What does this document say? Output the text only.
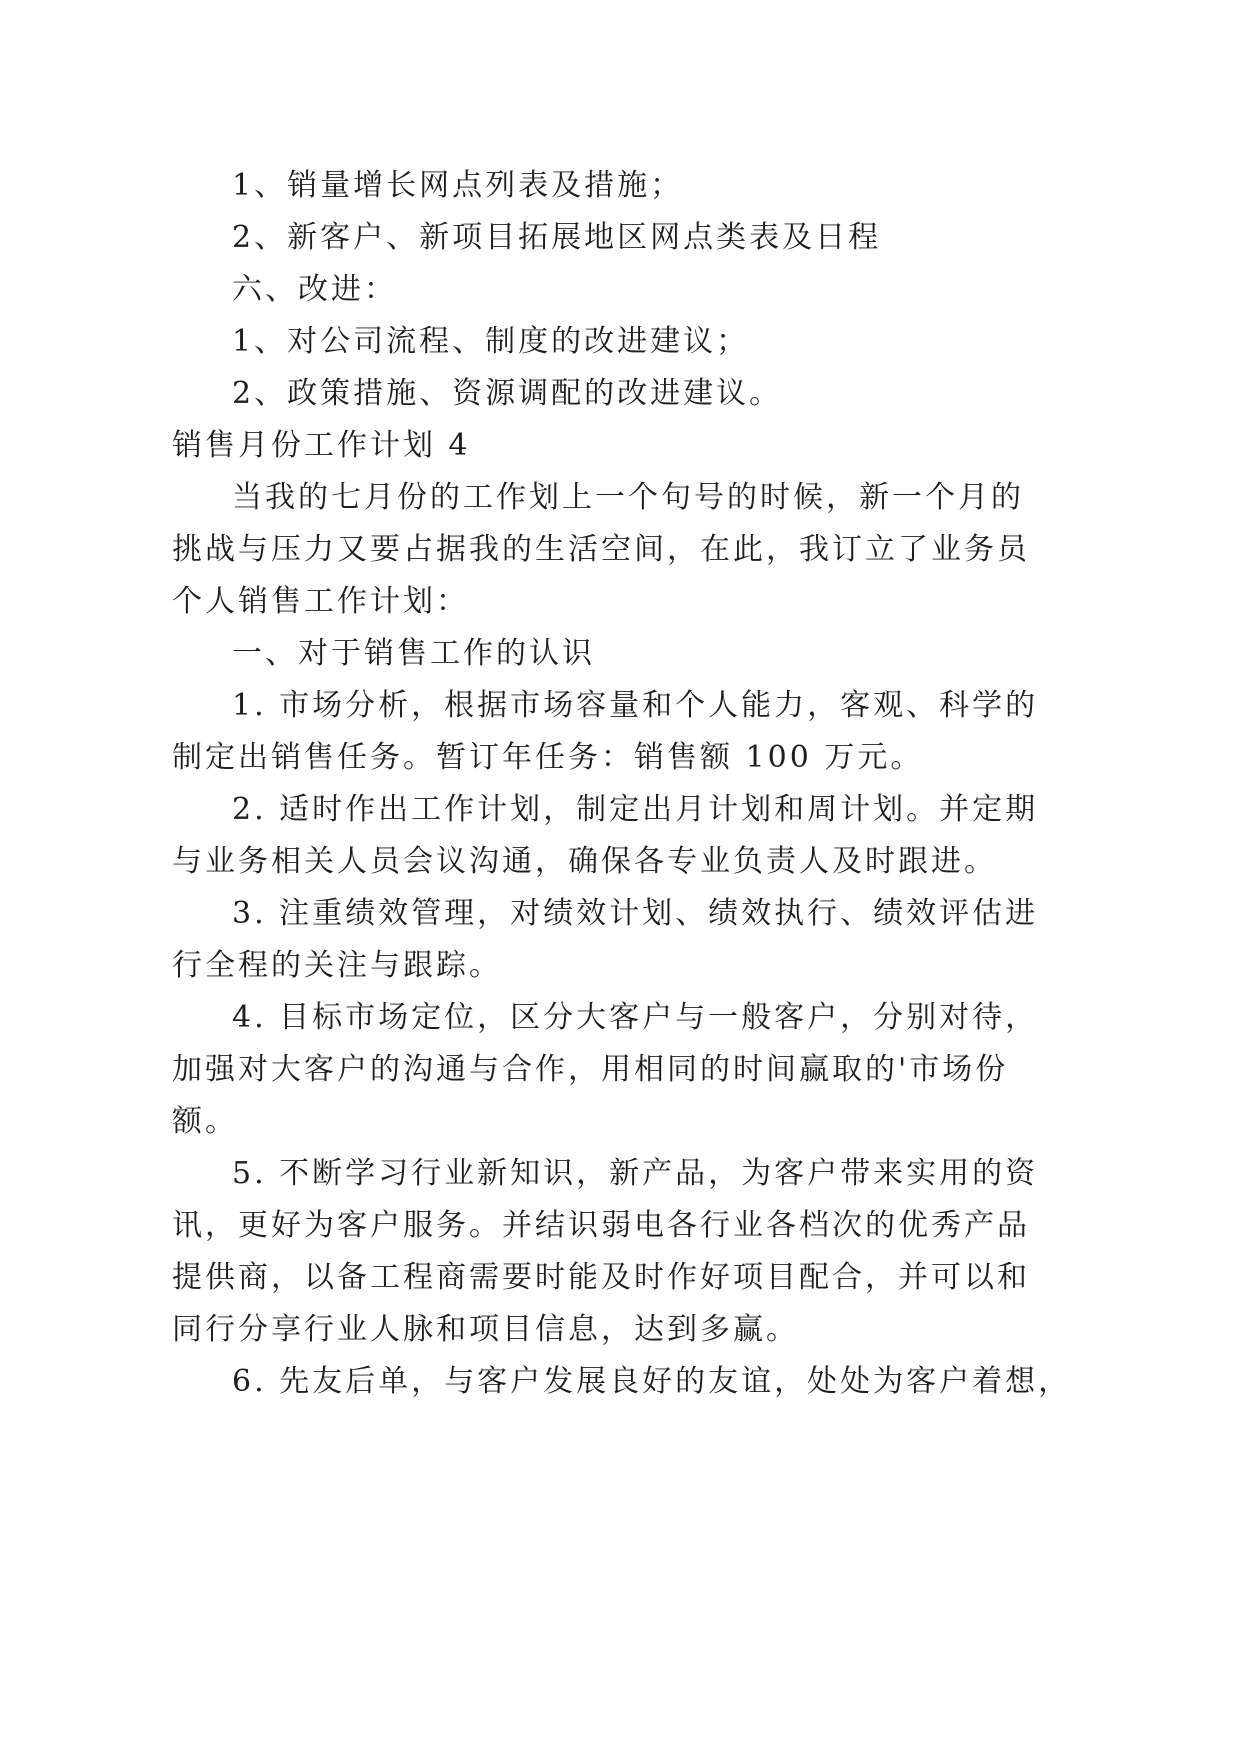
1、销量增长网点列表及措施；
2、新客户、新项目拓展地区网点类表及日程
六、改进：
1、对公司流程、制度的改进建议；
2、政策措施、资源调配的改进建议。
销售月份工作计划 4
当我的七月份的工作划上一个句号的时候，新一个月的
挑战与压力又要占据我的生活空间，在此，我订立了业务员
个人销售工作计划：
一、对于销售工作的认识
1. 市场分析，根据市场容量和个人能力，客观、科学的
制定出销售任务。暂订年任务：销售额 100 万元。
2. 适时作出工作计划，制定出月计划和周计划。并定期
与业务相关人员会议沟通，确保各专业负责人及时跟进。
3. 注重绩效管理，对绩效计划、绩效执行、绩效评估进
行全程的关注与跟踪。
4. 目标市场定位，区分大客户与一般客户，分别对待，
加强对大客户的沟通与合作，用相同的时间赢取的'市场份
额。
5. 不断学习行业新知识，新产品，为客户带来实用的资
讯，更好为客户服务。并结识弱电各行业各档次的优秀产品
提供商，以备工程商需要时能及时作好项目配合，并可以和
同行分享行业人脉和项目信息，达到多赢。
6. 先友后单，与客户发展良好的友谊，处处为客户着想，
